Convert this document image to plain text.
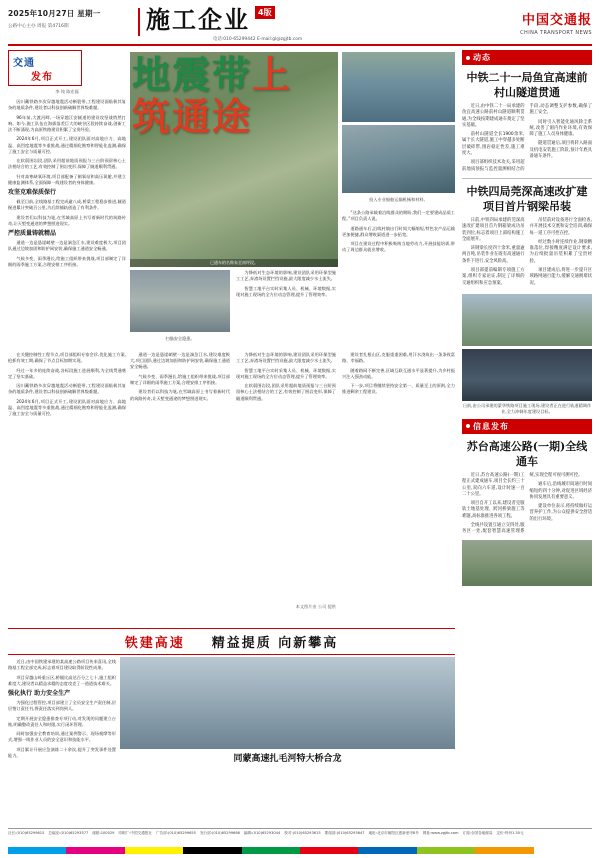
2025年10月27日 星期一
公路中心主办 周报 第4716期	施工企业	4版
电话:010-65299442 E-mail:gl@zgjtb.com
中国交通报
CHINA TRANSPORT NEWS
交通
发布
李 纯 陈宏磊

因川藏铁路多次穿越地震活动断裂带,工程建设面临极其复杂的地质条件,建设者以科技创新破解世界级难题。

96年前,大渡河畔,一场穿越江安隧道的建设攻坚战悄然打响。如今,施工队伍在海拔落差巨大的峡谷区段持续奋战,创新工法不断涌现,为高原铁路建设积累了宝贵经验。

2024年6月,项目正式开工,建设团队面对高地应力、高地温、高烈度地震等多重挑战,通过精细化勘察和智能化监测,确保了施工安全与质量可控。

在软弱围岩段,团队采用超前地质预报与三台阶预留核心土法相结合的工艺,有效控制了围岩变形,保障了隧道顺利贯通。

针对高寒缺氧环境,项目部配备了制氧站和高压氧舱,并建立健康监测体系,全面保障一线建设者的身体健康。

攻坚克难保质保行

截至目前,全线路基工程完成逾八成,桥梁工程稳步推进,隧道掘进累计突破百公里,为后续铺轨创造了有利条件。

建设者们以科技为笔,在雪域高原上书写着新时代的筑路传奇,让天堑变通途的梦想照进现实。

严控质量铸就精品

通道一边是悬崖峭壁一边是湍急江水,建设难度极大,项目团队通过边坡加固和防护网安装,确保施工通道安全畅通。

气候多变、雨季漫长,给施工组织带来挑战,项目部制定了详细的雨季施工方案,合理安排工序衔接。	已通车的名称朱至南坪段。
地震带上筑通途
投入专业船舶运输机械和材料。

“这条公路承载着沿线群众的期盼,我们一定要建成品质工程。”项目负责人说。

道路通车后,沿线村镇出行时间大幅缩短,特色农产品运输更加便捷,群众增收渠道进一步拓宽。

项目在建设过程中积极吸纳当地劳动力,开展技能培训,带动了周边群众就业增收。

扫描安全隐患。

为降低对生态环境的影响,建设团队采用环保型施工工艺,弃渣场设置拦挡设施,最大限度减少水土流失。

智慧工地平台实时采集人员、机械、环境数据,实现对施工现场的全方位动态管理,提升了管理效率。

在关键控制性工程节点,项目部组织专家会诊,优化施工方案,抢抓有效工期,确保了节点目标如期实现。

经过一年多的连续奋战,各标段施工进展顺利,为全线贯通奠定了坚实基础。

因川藏铁路多次穿越地震活动断裂带,工程建设面临极其复杂的地质条件,建设者以科技创新破解世界级难题。

2024年6月,项目正式开工,建设团队面对高地应力、高地温、高烈度地震等多重挑战,通过精细化勘察和智能化监测,确保了施工安全与质量可控。

通道一边是悬崖峭壁一边是湍急江水,建设难度极大,项目团队通过边坡加固和防护网安装,确保施工通道安全畅通。

气候多变、雨季漫长,给施工组织带来挑战,项目部制定了详细的雨季施工方案,合理安排工序衔接。

建设者们以科技为笔,在雪域高原上书写着新时代的筑路传奇,让天堑变通途的梦想照进现实。

为降低对生态环境的影响,建设团队采用环保型施工工艺,弃渣场设置拦挡设施,最大限度减少水土流失。

智慧工地平台实时采集人员、机械、环境数据,实现对施工现场的全方位动态管理,提升了管理效率。

在软弱围岩段,团队采用超前地质预报与三台阶预留核心土法相结合的工艺,有效控制了围岩变形,保障了隧道顺利贯通。

建设者扎根山区,克服重重困难,用汗水浇筑出一条条致富路、幸福路。

随着路网不断完善,区域互联互通水平显著提升,为乡村振兴注入强劲动能。

下一步,项目将继续坚持安全第一、质量至上的原则,全力推进剩余工程建设。

本文图片由 公司 提供
铁建高速 精益提质 向新攀高

近日,由中国铁建承建的某高速公路项目传来喜讯,全线路基工程全部完成,标志着项目建设取得阶段性成果。

项目穿越山岭重丘区,桥隧比高达百分之七十,施工组织难度大,建设者以精益求精的态度攻克了一道道技术难关。

强化执行 助力安全生产

为强化过程管控,项目部建立了全员安全生产责任制,层层签订责任书,将责任落实到岗到人。

定期开展安全隐患排查专项行动,对发现的问题建立台账,明确整改责任人和时限,实行闭环管理。

同时加强安全教育培训,通过案例警示、现场观摩等形式,增强一线作业人员的安全意识和技能水平。

项目累计开展应急演练二十余次,提升了突发事件处置能力。	同蒙高速扎毛河特大桥合龙
动态
中铁二十一局鱼宜高速前村山隧道贯通

近日,由中铁二十一局承建的鱼宜高速公路前村山隧道顺利贯通,为全线按期建成通车奠定了坚实基础。

前村山隧道全长1900余米,属于长大隧道,施工中穿越多处断层破碎带,围岩稳定性差,施工难度大。

项目部组织技术攻关,采用超前地质预报与监控量测相结合的手段,动态调整支护参数,确保了施工安全。

同时引入智能化通风除尘系统,改善了洞内作业环境,有效保障了施工人员身体健康。

隧道贯通后,项目将转入路面及机电安装施工阶段,预计年底具备通车条件。

中铁四局莞深高速改扩建项目首片钢梁吊装

日前,中铁四局承建的莞深高速改扩建项目首片钢箱梁成功吊装到位,标志着项目上部结构施工全面展开。

该钢梁长度四十余米,重量逾两百吨,吊装作业在既有高速通行条件下进行,安全风险高。

项目部提前编制专项施工方案,组织专家论证,制定了详细的交通组织和应急预案。

吊装前对设备进行全面检查,并开展技术交底和安全培训,确保每一道工序可控在控。

经过数小时连续作业,钢梁精准落位,焊接精度满足设计要求,为后续批量吊装积累了宝贵经验。

项目建成后,将进一步提升区域路网通行能力,缓解交通拥堵状况。

日前,由公司承建的蒙华铁路项目施工现场,建设者正在进行轨道精调作业,全力冲刺年度建设目标。
信息发布
苏台高速公路(一期)全线通车

近日,苏台高速公路(一期)工程正式建成通车,项目全长约三十公里,双向六车道,设计时速一百二十公里。

项目自开工以来,建设者克服软土地基处理、跨河桥梁施工等难题,高标准推进各项工程。

全线共设置互通立交四处,服务区一处,配套智慧高速管理系统,实现全程可视可测可控。

通车后,沿线城市间通行时间缩短约四十分钟,对促进区域经济协同发展具有重要意义。

建设单位表示,将持续做好运营养护工作,为公众提供安全舒适的出行环境。

社长:(010)65299615 总编室:(010)65293577 邮箱:100029 印刷厂:中国交通报社 广告部:(010)65299655 发行部:(010)65299666 编辑:(010)65293044 校对:(010)65293615 要闻部:(010)65293647 地址:北京市朝阳区惠新里甲8号 网址:www.zgjtb.com 订阅:全国各地邮局 定价:每份1.50元
